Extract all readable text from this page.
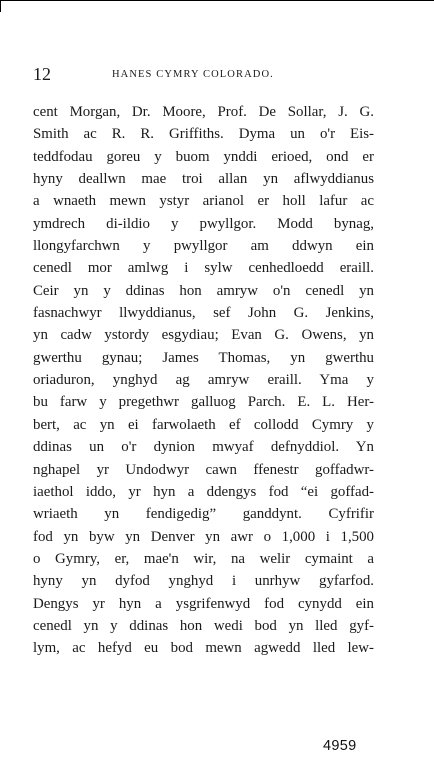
12	HANES CYMRY COLORADO.
cent Morgan, Dr. Moore, Prof. De Sollar, J. G.
Smith ac R. R. Griffiths. Dyma un o'r Eis-
teddfodau goreu y buom ynddi erioed, ond er
hyny deallwn mae troi allan yn aflwyddianus
a wnaeth mewn ystyr arianol er holl lafur ac
ymdrech di-ildio y pwyllgor. Modd bynag,
llongyfarchwn y pwyllgor am ddwyn ein
cenedl mor amlwg i sylw cenhedloedd eraill.
Ceir yn y ddinas hon amryw o'n cenedl yn
fasnachwyr llwyddianus, sef John G. Jenkins,
yn cadw ystordy esgydiau; Evan G. Owens, yn
gwerthu gynau; James Thomas, yn gwerthu
oriaduron, ynghyd ag amryw eraill. Yma y
bu farw y pregethwr galluog Parch. E. L. Her-
bert, ac yn ei farwolaeth ef collodd Cymry y
ddinas un o'r dynion mwyaf defnyddiol. Yn
nghapel yr Undodwyr cawn ffenestr goffadwr-
iaethol iddo, yr hyn a ddengys fod “ei goffad-
wriaeth yn fendigedig” ganddynt. Cyfrifir
fod yn byw yn Denver yn awr o 1,000 i 1,500
o Gymry, er, mae'n wir, na welir cymaint a
hyny yn dyfod ynghyd i unrhyw gyfarfod.
Dengys yr hyn a ysgrifenwyd fod cynydd ein
cenedl yn y ddinas hon wedi bod yn lled gyf-
lym, ac hefyd eu bod mewn agwedd lled lew-
4959
